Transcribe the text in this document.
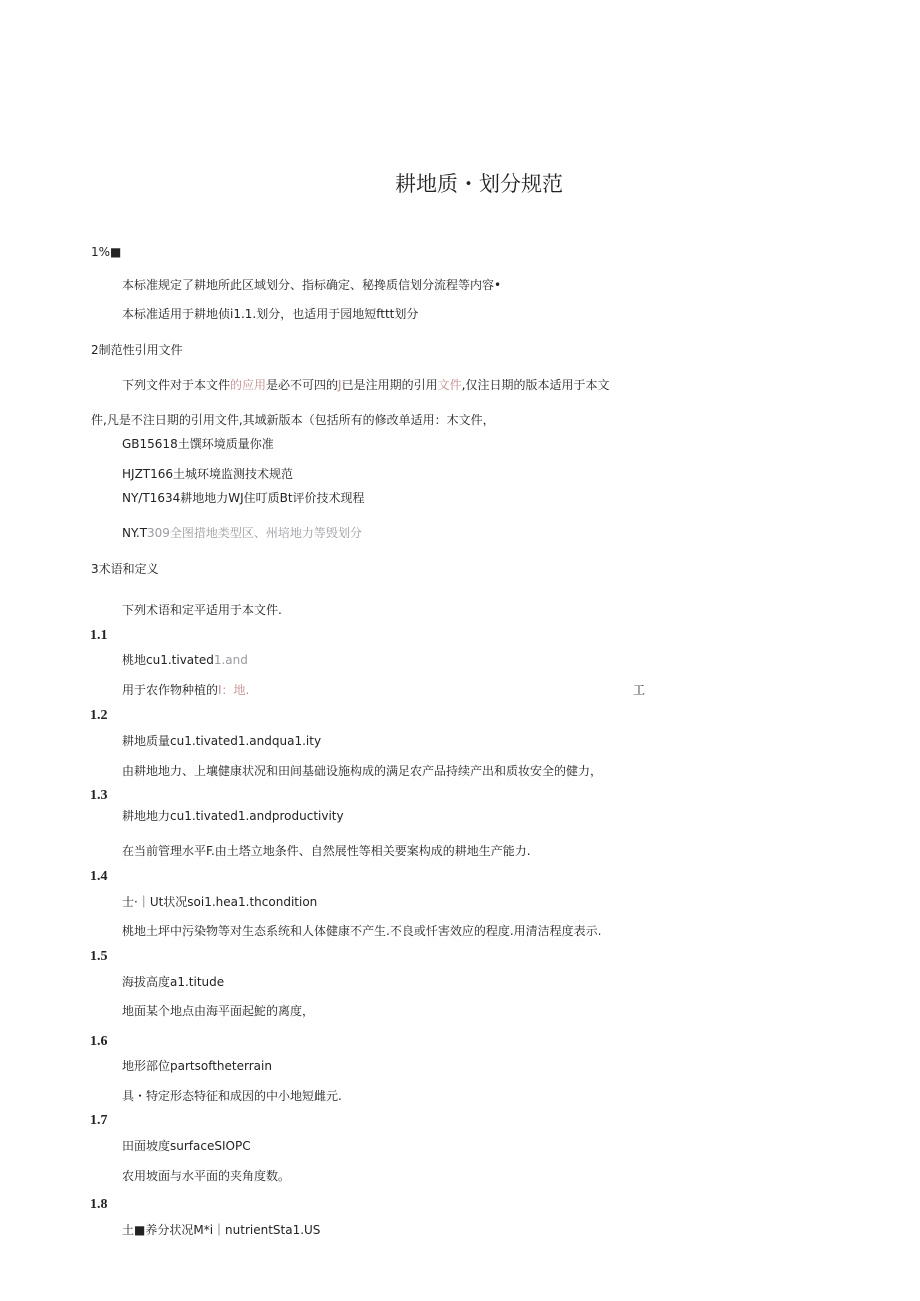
耕地质・划分规范
1%■
本标准规定了耕地所此区域划分、指标确定、秘搀质信划分流程等内容•
本标准适用于耕地侦i1.1.划分，也适用于园地短fttt划分
2制范性引用文件
下列文件对于本文件的应用是必不可四的J已是注用期的引用文件,仅注日期的版本适用于本文
件,凡是不注日期的引用文件,其域新版本（包括所有的修改单适用：木文件，
GB15618土馔环境质量你准
HJZT166土城环境监测技术规范
NY/T1634耕地地力WJ住叮质Bt评价技术现程
NY.T309全图措地类型区、州培地力等毁划分
3术语和定义
下列术语和定平适用于本文件.
1.1
桃地cu1.tivated1.and
用于农作物种植的I：地.	工
1.2
耕地质量cu1.tivated1.andqua1.ity
由耕地地力、上壤健康状况和田间基础设施构成的满足农产品持续产出和质妆安全的健力，
1.3
耕地地力cu1.tivated1.andproductivity
在当前管理水平F.由土塔立地条件、自然展性等相关要案构成的耕地生产能力.
1.4
士·｜Ut状况soi1.hea1.thcondition
桃地土坪中污染物等对生态系统和人体健康不产生.不良或忏害效应的程度.用清洁程度表示.
1.5
海拔高度a1.titude
地面某个地点由海平面起鮀的离度，
1.6
地形部位partsoftheterrain
具・特定形态特征和成因的中小地短雌元.
1.7
田面坡度surfaceSIOPC
农用坡面与水平面的夹角度数。
1.8
土■养分状况M*i｜nutrientSta1.US
